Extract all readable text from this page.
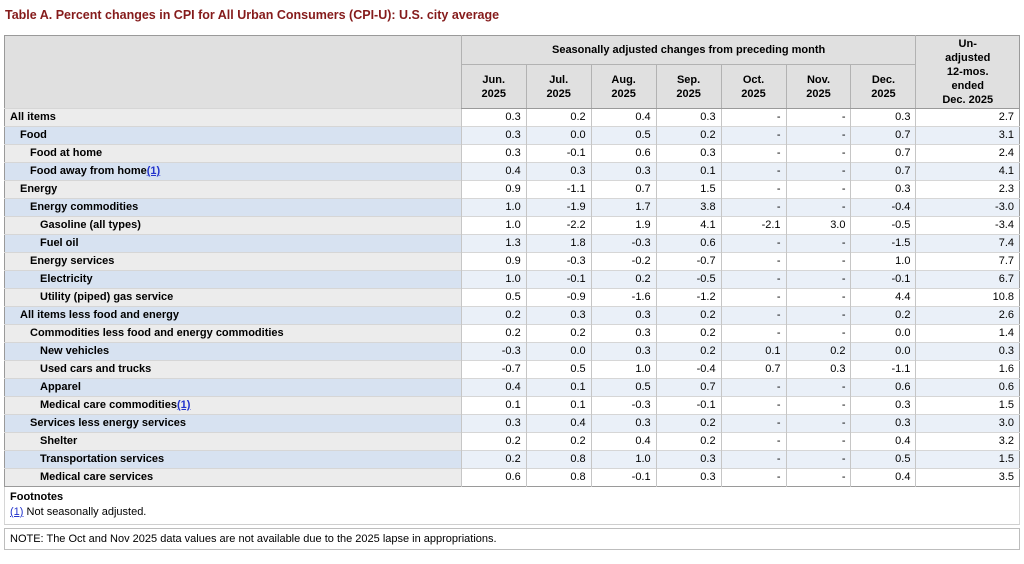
Table A. Percent changes in CPI for All Urban Consumers (CPI-U): U.S. city average
	Seasonally adjusted changes from preceding month							Un-adjusted 12-mos. ended Dec. 2025

	Jun. 2025	Jul. 2025	Aug. 2025	Sep. 2025	Oct. 2025	Nov. 2025	Dec. 2025	

All items	0.3	0.2	0.4	0.3	-	-	0.3	2.7
Food	0.3	0.0	0.5	0.2	-	-	0.7	3.1
Food at home	0.3	-0.1	0.6	0.3	-	-	0.7	2.4
Food away from home(1)	0.4	0.3	0.3	0.1	-	-	0.7	4.1
Energy	0.9	-1.1	0.7	1.5	-	-	0.3	2.3
Energy commodities	1.0	-1.9	1.7	3.8	-	-	-0.4	-3.0
Gasoline (all types)	1.0	-2.2	1.9	4.1	-2.1	3.0	-0.5	-3.4
Fuel oil	1.3	1.8	-0.3	0.6	-	-	-1.5	7.4
Energy services	0.9	-0.3	-0.2	-0.7	-	-	1.0	7.7
Electricity	1.0	-0.1	0.2	-0.5	-	-	-0.1	6.7
Utility (piped) gas service	0.5	-0.9	-1.6	-1.2	-	-	4.4	10.8
All items less food and energy	0.2	0.3	0.3	0.2	-	-	0.2	2.6
Commodities less food and energy commodities	0.2	0.2	0.3	0.2	-	-	0.0	1.4
New vehicles	-0.3	0.0	0.3	0.2	0.1	0.2	0.0	0.3
Used cars and trucks	-0.7	0.5	1.0	-0.4	0.7	0.3	-1.1	1.6
Apparel	0.4	0.1	0.5	0.7	-	-	0.6	0.6
Medical care commodities(1)	0.1	0.1	-0.3	-0.1	-	-	0.3	1.5
Services less energy services	0.3	0.4	0.3	0.2	-	-	0.3	3.0
Shelter	0.2	0.2	0.4	0.2	-	-	0.4	3.2
Transportation services	0.2	0.8	1.0	0.3	-	-	0.5	1.5
Medical care services	0.6	0.8	-0.1	0.3	-	-	0.4	3.5
Footnotes
(1) Not seasonally adjusted.
NOTE: The Oct and Nov 2025 data values are not available due to the 2025 lapse in appropriations.
